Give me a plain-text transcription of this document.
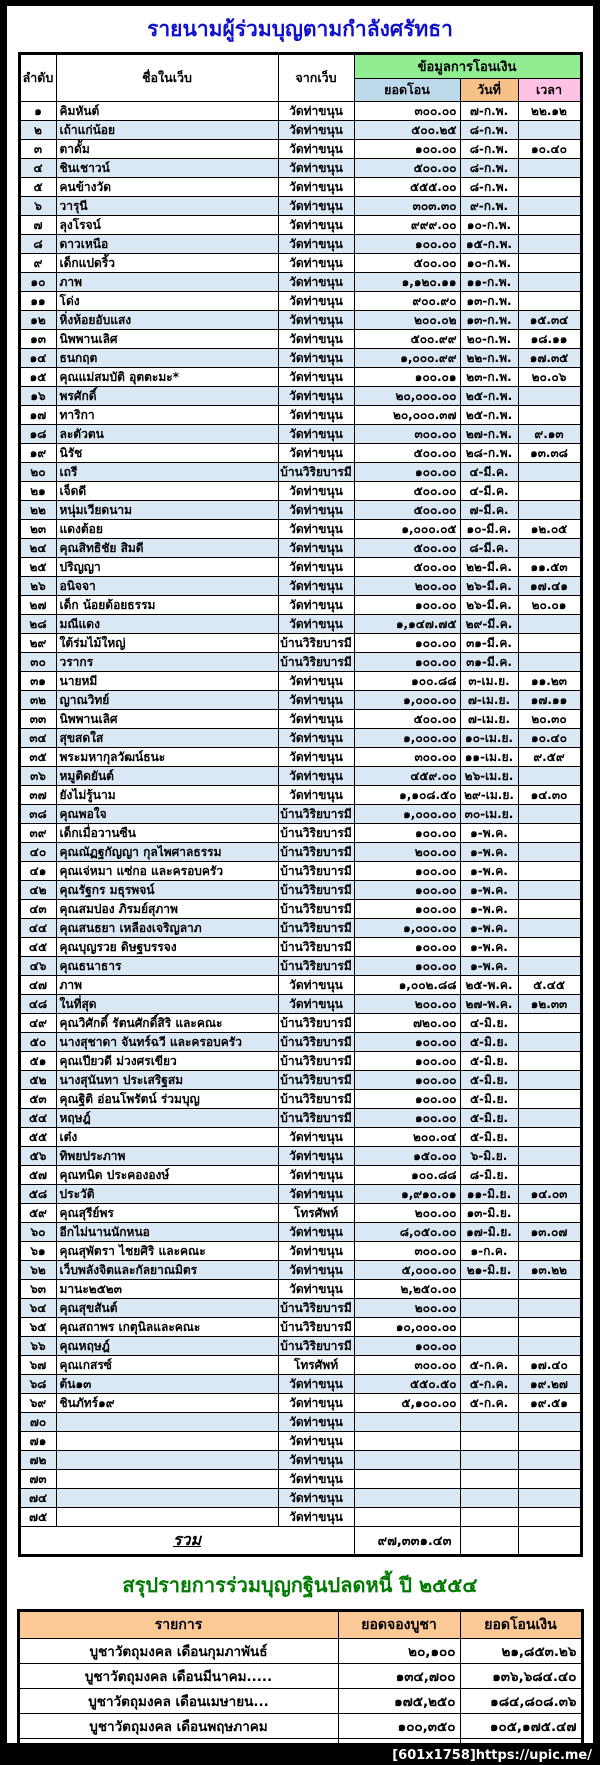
รายนามผู้ร่วมบุญตามกำลังศรัทธา
ลำดับ	ชื่อในเว็บ	จากเว็บ	ข้อมูลการโอนเงิน		
			ยอดโอน	วันที่	เวลา
๑	คิมหันต์	วัดท่าขนุน	๓๐๐.๐๐	๗-ก.พ.	๒๒.๑๒
๒	เถ้าแก่น้อย	วัดท่าขนุน	๕๐๐.๒๕	๘-ก.พ.	
๓	ตาดั้ม	วัดท่าขนุน	๑๐๐.๐๐	๘-ก.พ.	๑๐.๔๐
๔	ชินเชาวน์	วัดท่าขนุน	๕๐๐.๐๐	๘-ก.พ.	
๕	คนข้างวัด	วัดท่าขนุน	๕๕๕.๐๐	๘-ก.พ.	
๖	วารุนี	วัดท่าขนุน	๓๐๓.๓๐	๙-ก.พ.	
๗	ลุงโรจน์	วัดท่าขนุน	๙๙๙.๐๐	๑๐-ก.พ.	
๘	ดาวเหนือ	วัดท่าขนุน	๑๐๐.๐๐	๑๕-ก.พ.	
๙	เด็กแปดริ้ว	วัดท่าขนุน	๕๐๐.๐๐	๑๐-ก.พ.	
๑๐	ภาพ	วัดท่าขนุน	๑,๑๒๐.๑๑	๑๑-ก.พ.	
๑๑	โด่ง	วัดท่าขนุน	๙๐๐.๙๐	๑๓-ก.พ.	
๑๒	หิ่งห้อยอับแสง	วัดท่าขนุน	๒๐๐.๐๒	๑๓-ก.พ.	๑๕.๓๔
๑๓	นิพพานเลิศ	วัดท่าขนุน	๕๐๐.๙๙	๒๐-ก.พ.	๑๘.๑๑
๑๔	ธนกฤต	วัดท่าขนุน	๑,๐๐๐.๙๙	๒๒-ก.พ.	๑๗.๓๕
๑๕	คุณแม่สมบัติ อุตตะมะ*	วัดท่าขนุน	๑๐๐.๐๑	๒๓-ก.พ.	๒๐.๐๖
๑๖	พรศักดิ์	วัดท่าขนุน	๒๐,๐๐๐.๐๐	๒๕-ก.พ.	
๑๗	ทาริกา	วัดท่าขนุน	๒๐,๐๐๐.๓๗	๒๕-ก.พ.	
๑๘	ละตัวตน	วัดท่าขนุน	๓๐๐.๐๐	๒๗-ก.พ.	๙.๑๓
๑๙	นิรัช	วัดท่าขนุน	๕๐๐.๐๐	๒๘-ก.พ.	๑๓.๓๘
๒๐	เถรี	บ้านวิริยบารมี	๑๐๐.๐๐	๔-มี.ค.	
๒๑	เจ็ดดี	วัดท่าขนุน	๕๐๐.๐๐	๔-มี.ค.	
๒๒	หนุ่มเวียดนาม	วัดท่าขนุน	๕๐๐.๐๐	๗-มี.ค.	
๒๓	แดงต้อย	วัดท่าขนุน	๑,๐๐๐.๐๕	๑๐-มี.ค.	๑๒.๐๕
๒๔	คุณสิทธิชัย สิมดี	วัดท่าขนุน	๕๐๐.๐๐	๘-มี.ค.	
๒๕	ปริญญา	วัดท่าขนุน	๕๐๐.๐๐	๒๒-มี.ค.	๑๑.๕๓
๒๖	อนิจจา	วัดท่าขนุน	๒๐๐.๐๐	๒๖-มี.ค.	๑๗.๔๑
๒๗	เด็ก น้อยด้อยธรรม	วัดท่าขนุน	๑๐๐.๐๐	๒๖-มี.ค.	๒๐.๐๑
๒๘	มณีแดง	วัดท่าขนุน	๑,๑๔๗.๗๕	๒๙-มี.ค.	
๒๙	ใต้ร่มไม้ใหญ่	บ้านวิริยบารมี	๑๐๐.๐๐	๓๑-มี.ค.	
๓๐	วรากร	บ้านวิริยบารมี	๑๐๐.๐๐	๓๑-มี.ค.	
๓๑	นายหมี	วัดท่าขนุน	๑๐๐.๘๘	๓-เม.ย.	๑๑.๒๓
๓๒	ญาณวิทย์	วัดท่าขนุน	๑,๐๐๐.๐๐	๗-เม.ย.	๑๗.๑๑
๓๓	นิพพานเลิศ	วัดท่าขนุน	๕๐๐.๐๐	๗-เม.ย.	๒๐.๓๐
๓๔	สุขสดใส	วัดท่าขนุน	๑,๐๐๐.๐๐	๑๐-เม.ย.	๑๐.๔๐
๓๕	พระมหากุลวัฒน์ธนะ	วัดท่าขนุน	๓๐๐.๐๐	๑๑-เม.ย.	๙.๕๙
๓๖	หมูติดยันต์	วัดท่าขนุน	๔๕๙.๐๐	๒๖-เม.ย.	
๓๗	ยังไม่รู้นาม	วัดท่าขนุน	๑,๑๐๘.๕๐	๒๙-เม.ย.	๑๔.๓๐
๓๘	คุณพอใจ	บ้านวิริยบารมี	๑,๐๐๐.๐๐	๓๐-เม.ย.	
๓๙	เด็กเมื่อวานซืน	บ้านวิริยบารมี	๑๐๐.๐๐	๑-พ.ค.	
๔๐	คุณณัฏฐกัญญา กุลไพศาลธรรม	บ้านวิริยบารมี	๒๐๐.๐๐	๑-พ.ค.	
๔๑	คุณเจ่หมา แซ่กอ และครอบครัว	บ้านวิริยบารมี	๑๐๐.๐๐	๑-พ.ค.	
๔๒	คุณรัฐกร มธุรพจน์	บ้านวิริยบารมี	๑๐๐.๐๐	๑-พ.ค.	
๔๓	คุณสมปอง ภิรมย์สุภาพ	บ้านวิริยบารมี	๑๐๐.๐๐	๑-พ.ค.	
๔๔	คุณสนธยา เหลืองเจริญลาภ	บ้านวิริยบารมี	๑,๐๐๐.๐๐	๑-พ.ค.	
๔๕	คุณบุญรวย ดิษฐบรรจง	บ้านวิริยบารมี	๑๐๐.๐๐	๑-พ.ค.	
๔๖	คุณธนาธาร	บ้านวิริยบารมี	๑๐๐.๐๐	๑-พ.ค.	
๔๗	ภาพ	วัดท่าขนุน	๑,๐๐๒.๘๘	๒๕-พ.ค.	๕.๔๕
๔๘	ในที่สุด	วัดท่าขนุน	๒๐๐.๐๐	๒๗-พ.ค.	๑๒.๓๓
๔๙	คุณวิศักดิ์ รัตนศักดิ์สิริ และคณะ	บ้านวิริยบารมี	๗๒๐.๐๐	๔-มิ.ย.	
๕๐	นางสุชาดา จันทร์ฉวี และครอบครัว	บ้านวิริยบารมี	๑๐๐.๐๐	๕-มิ.ย.	
๕๑	คุณเปียวดี ม่วงศรเขียว	บ้านวิริยบารมี	๑๐๐.๐๐	๕-มิ.ย.	
๕๒	นางสุนันทา ประเสริฐสม	บ้านวิริยบารมี	๑๐๐.๐๐	๕-มิ.ย.	
๕๓	คุณฐิติ อ่อนโพรัตน์ ร่วมบุญ	บ้านวิริยบารมี	๑๐๐.๐๐	๕-มิ.ย.	
๕๔	หฤษฎ์	บ้านวิริยบารมี	๑๐๐.๐๐	๕-มิ.ย.	
๕๕	เต๋ง	วัดท่าขนุน	๒๐๐.๐๔	๕-มิ.ย.	
๕๖	ทิพยประภาพ	วัดท่าขนุน	๑๕๐.๐๐	๖-มิ.ย.	
๕๗	คุณทนิด ประคององษ์	วัดท่าขนุน	๑๐๐.๘๘	๘-มิ.ย.	
๕๘	ประวัติ	วัดท่าขนุน	๑,๙๑๐.๐๑	๑๑-มิ.ย.	๑๔.๐๓
๕๙	คุณสุรีย์พร	โทรศัพท์	๒๐๐.๐๐	๑๓-มิ.ย.	
๖๐	อีกไม่นานนักหนอ	วัดท่าขนุน	๘,๐๕๐.๐๐	๑๗-มิ.ย.	๑๓.๐๗
๖๑	คุณสุพัตรา ไชยศิริ และคณะ	วัดท่าขนุน	๓๐๐.๐๐	๑-ก.ค.	
๖๒	เว็บพลังจิตและกัลยาณมิตร	วัดท่าขนุน	๕,๐๐๐.๐๐	๒๑-มิ.ย.	๑๓.๒๒
๖๓	มานะ๒๕๒๓	วัดท่าขนุน	๒,๒๕๐.๐๐		
๖๔	คุณสุขสันต์	บ้านวิริยบารมี	๒๐๐.๐๐		
๖๕	คุณสถาพร เกตุนิลและคณะ	บ้านวิริยบารมี	๑๐,๐๐๐.๐๐		
๖๖	คุณหฤษฎ์	บ้านวิริยบารมี	๑๐๐.๐๐		
๖๗	คุณเกสรซ์	โทรศัพท์	๓๐๐.๐๐	๕-ก.ค.	๑๗.๔๐
๖๘	ต้น๑๓	วัดท่าขนุน	๕๕๐.๕๐	๕-ก.ค.	๑๙.๒๗
๖๙	ชินภัทร์๑๙	วัดท่าขนุน	๕,๑๐๐.๐๐	๕-ก.ค.	๑๙.๕๑
๗๐		วัดท่าขนุน			
๗๑		วัดท่าขนุน			
๗๒		วัดท่าขนุน			
๗๓		วัดท่าขนุน			
๗๔		วัดท่าขนุน			
๗๕		วัดท่าขนุน			
รวม			๙๗,๓๓๑.๔๓		
สรุปรายการร่วมบุญกฐินปลดหนี้ ปี ๒๕๕๔
รายการ	ยอดจองบูชา	ยอดโอนเงิน
บูชาวัตถุมงคล เดือนกุมภาพันธ์	๒๐,๑๐๐	๒๑,๘๕๓.๒๖
บูชาวัตถุมงคล เดือนมีนาคม.....	๑๓๔,๗๐๐	๑๓๖,๖๘๔.๔๐
บูชาวัตถุมงคล เดือนเมษายน...	๑๗๕,๒๕๐	๑๘๔,๘๐๘.๓๖
บูชาวัตถุมงคล เดือนพฤษภาคม	๑๐๐,๓๕๐	๑๐๕,๑๗๕.๔๗

[601x1758]https://upic.me/
